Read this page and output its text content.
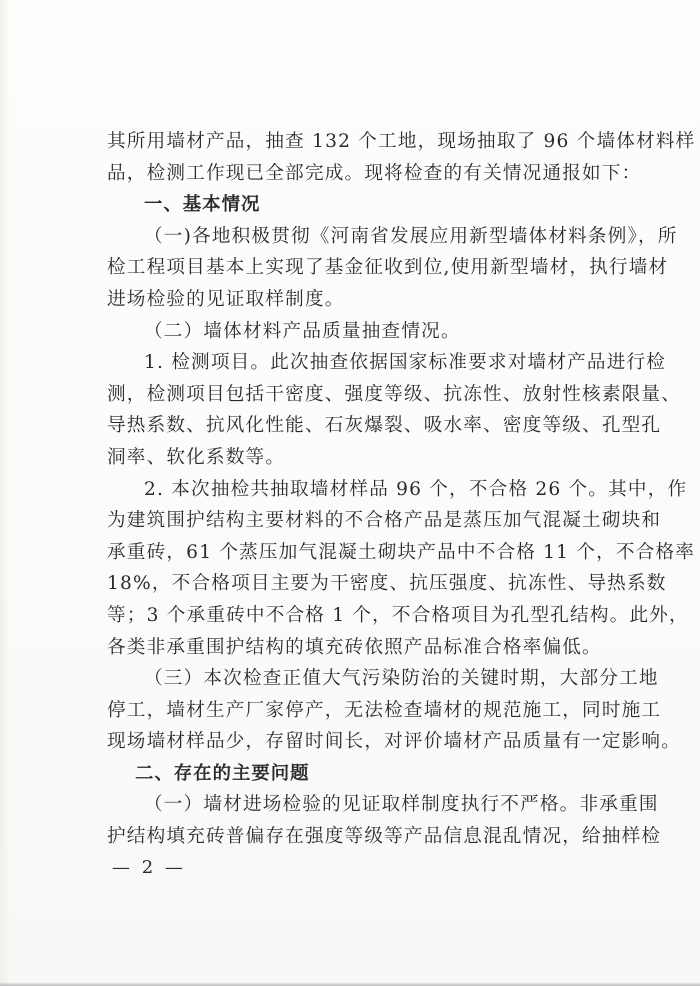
其所用墙材产品，抽查 132 个工地，现场抽取了 96 个墙体材料样
品，检测工作现已全部完成。现将检查的有关情况通报如下：
一、基本情况
（一)各地积极贯彻《河南省发展应用新型墙体材料条例》，所
检工程项目基本上实现了基金征收到位,使用新型墙材，执行墙材
进场检验的见证取样制度。
（二）墙体材料产品质量抽查情况。
1. 检测项目。此次抽查依据国家标准要求对墙材产品进行检
测，检测项目包括干密度、强度等级、抗冻性、放射性核素限量、
导热系数、抗风化性能、石灰爆裂、吸水率、密度等级、孔型孔
洞率、软化系数等。
2. 本次抽检共抽取墙材样品 96 个，不合格 26 个。其中，作
为建筑围护结构主要材料的不合格产品是蒸压加气混凝土砌块和
承重砖，61 个蒸压加气混凝土砌块产品中不合格 11 个，不合格率
18%，不合格项目主要为干密度、抗压强度、抗冻性、导热系数
等；3 个承重砖中不合格 1 个，不合格项目为孔型孔结构。此外，
各类非承重围护结构的填充砖依照产品标准合格率偏低。
（三）本次检查正值大气污染防治的关键时期，大部分工地
停工，墙材生产厂家停产，无法检查墙材的规范施工，同时施工
现场墙材样品少，存留时间长，对评价墙材产品质量有一定影响。
二、存在的主要问题
（一）墙材进场检验的见证取样制度执行不严格。非承重围
护结构填充砖普偏存在强度等级等产品信息混乱情况，给抽样检
— 2 —
